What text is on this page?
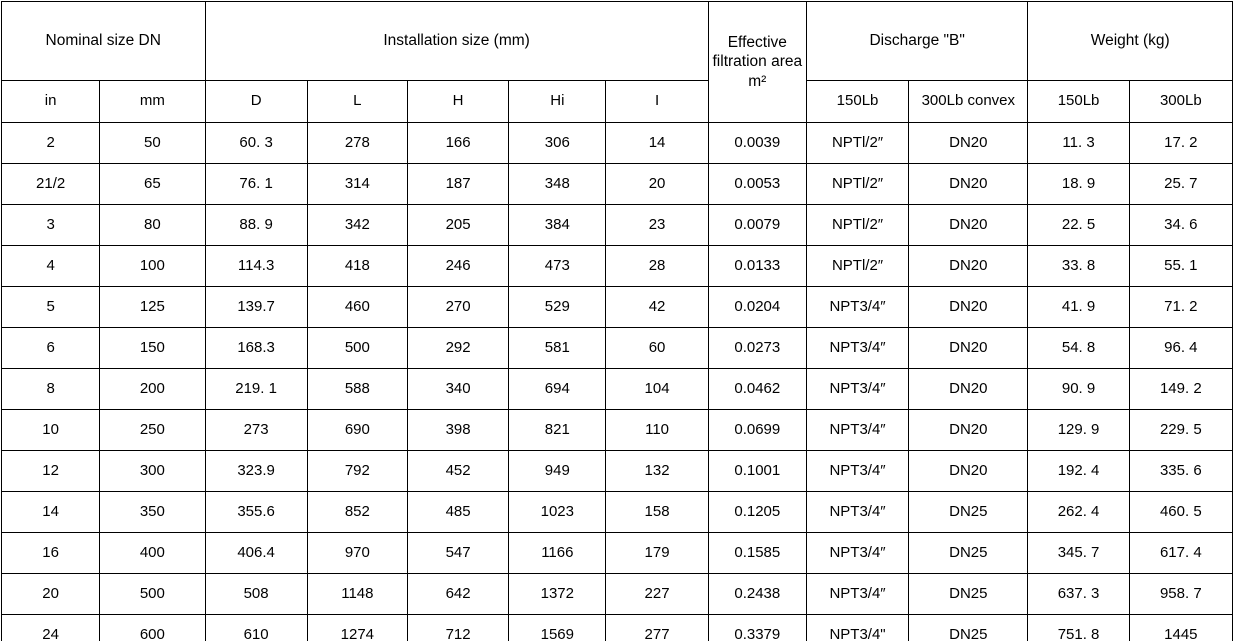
Nominal size DN		Installation size (mm)					Effective filtration area m²	Discharge "B"		Weight (kg)	
in	mm	D	L	H	Hi	I		150Lb	300Lb convex	150Lb	300Lb
2	50	60. 3	278	166	306	14	0.0039	NPTl/2″	DN20	11. 3	17. 2
21/2	65	76. 1	314	187	348	20	0.0053	NPTl/2″	DN20	18. 9	25. 7
3	80	88. 9	342	205	384	23	0.0079	NPTl/2″	DN20	22. 5	34. 6
4	100	114.3	418	246	473	28	0.0133	NPTl/2″	DN20	33. 8	55. 1
5	125	139.7	460	270	529	42	0.0204	NPT3/4″	DN20	41. 9	71. 2
6	150	168.3	500	292	581	60	0.0273	NPT3/4″	DN20	54. 8	96. 4
8	200	219. 1	588	340	694	104	0.0462	NPT3/4″	DN20	90. 9	149. 2
10	250	273	690	398	821	110	0.0699	NPT3/4″	DN20	129. 9	229. 5
12	300	323.9	792	452	949	132	0.1001	NPT3/4″	DN20	192. 4	335. 6
14	350	355.6	852	485	1023	158	0.1205	NPT3/4″	DN25	262. 4	460. 5
16	400	406.4	970	547	1166	179	0.1585	NPT3/4″	DN25	345. 7	617. 4
20	500	508	1148	642	1372	227	0.2438	NPT3/4″	DN25	637. 3	958. 7
24	600	610	1274	712	1569	277	0.3379	NPT3/4"	DN25	751. 8	1445
